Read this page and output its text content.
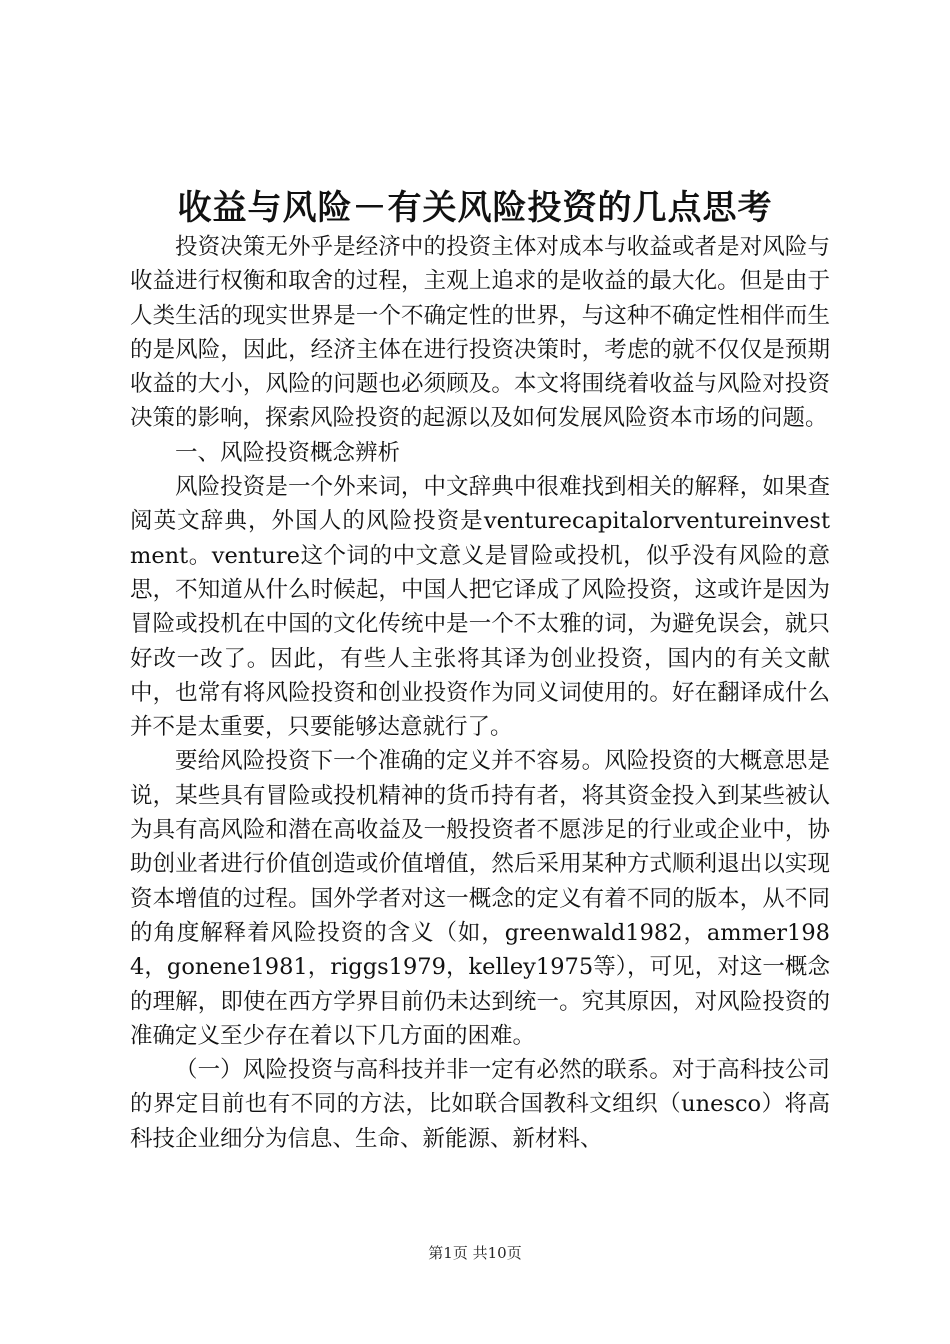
收益与风险－有关风险投资的几点思考

投资决策无外乎是经济中的投资主体对成本与收益或者是对风险与收益进行权衡和取舍的过程，主观上追求的是收益的最大化。但是由于人类生活的现实世界是一个不确定性的世界，与这种不确定性相伴而生的是风险，因此，经济主体在进行投资决策时，考虑的就不仅仅是预期收益的大小，风险的问题也必须顾及。本文将围绕着收益与风险对投资决策的影响，探索风险投资的起源以及如何发展风险资本市场的问题。

一、风险投资概念辨析

风险投资是一个外来词，中文辞典中很难找到相关的解释，如果查阅英文辞典，外国人的风险投资是venturecapitalorventureinvestment。venture这个词的中文意义是冒险或投机，似乎没有风险的意思，不知道从什么时候起，中国人把它译成了风险投资，这或许是因为冒险或投机在中国的文化传统中是一个不太雅的词，为避免误会，就只好改一改了。因此，有些人主张将其译为创业投资，国内的有关文献中，也常有将风险投资和创业投资作为同义词使用的。好在翻译成什么并不是太重要，只要能够达意就行了。

要给风险投资下一个准确的定义并不容易。风险投资的大概意思是说，某些具有冒险或投机精神的货币持有者，将其资金投入到某些被认为具有高风险和潜在高收益及一般投资者不愿涉足的行业或企业中，协助创业者进行价值创造或价值增值，然后采用某种方式顺利退出以实现资本增值的过程。国外学者对这一概念的定义有着不同的版本，从不同的角度解释着风险投资的含义（如，greenwald1982，ammer1984，gonene1981，riggs1979，kelley1975等），可见，对这一概念的理解，即使在西方学界目前仍未达到统一。究其原因，对风险投资的准确定义至少存在着以下几方面的困难。

（一）风险投资与高科技并非一定有必然的联系。对于高科技公司的界定目前也有不同的方法，比如联合国教科文组织（unesco）将高科技企业细分为信息、生命、新能源、新材料、

第1页 共10页
